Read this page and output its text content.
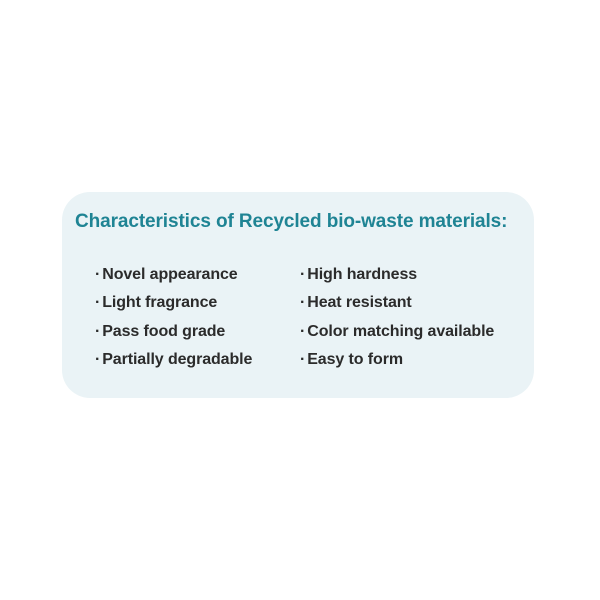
Characteristics of Recycled bio-waste materials:
· Novel appearance
· Light fragrance
· Pass food grade
· Partially degradable
· High hardness
· Heat resistant
· Color matching available
· Easy to form
